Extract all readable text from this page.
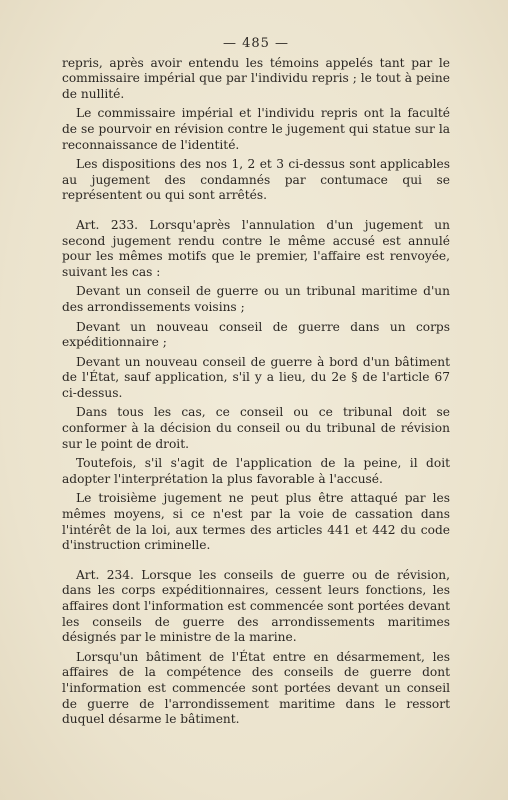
— 485 —

repris, après avoir entendu les témoins appelés tant par le commissaire impérial que par l'individu repris ; le tout à peine de nullité.

Le commissaire impérial et l'individu repris ont la faculté de se pourvoir en révision contre le jugement qui statue sur la reconnaissance de l'identité.

Les dispositions des nos 1, 2 et 3 ci-dessus sont applicables au jugement des condamnés par contumace qui se représentent ou qui sont arrêtés.

Art. 233. Lorsqu'après l'annulation d'un jugement un second jugement rendu contre le même accusé est annulé pour les mêmes motifs que le premier, l'affaire est renvoyée, suivant les cas :

Devant un conseil de guerre ou un tribunal maritime d'un des arrondissements voisins ;

Devant un nouveau conseil de guerre dans un corps expéditionnaire ;

Devant un nouveau conseil de guerre à bord d'un bâtiment de l'État, sauf application, s'il y a lieu, du 2e § de l'article 67 ci-dessus.

Dans tous les cas, ce conseil ou ce tribunal doit se conformer à la décision du conseil ou du tribunal de révision sur le point de droit.

Toutefois, s'il s'agit de l'application de la peine, il doit adopter l'interprétation la plus favorable à l'accusé.

Le troisième jugement ne peut plus être attaqué par les mêmes moyens, si ce n'est par la voie de cassation dans l'intérêt de la loi, aux termes des articles 441 et 442 du code d'instruction criminelle.

Art. 234. Lorsque les conseils de guerre ou de révision, dans les corps expéditionnaires, cessent leurs fonctions, les affaires dont l'information est commencée sont portées devant les conseils de guerre des arrondissements maritimes désignés par le ministre de la marine.

Lorsqu'un bâtiment de l'État entre en désarmement, les affaires de la compétence des conseils de guerre dont l'information est commencée sont portées devant un conseil de guerre de l'arrondissement maritime dans le ressort duquel désarme le bâtiment.
